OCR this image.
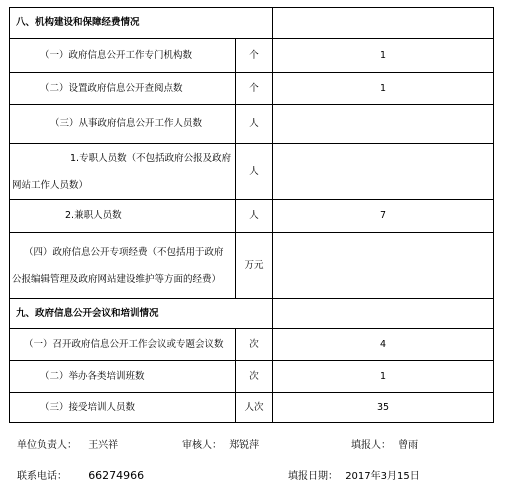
八、机构建设和保障经费情况		
（一）政府信息公开工作专门机构数	个	1
（二）设置政府信息公开查阅点数	个	1
（三）从事政府信息公开工作人员数	人	

1.专职人员数（不包括政府公报及政府
网站工作人员数）	人	
2.兼职人员数	人	7

（四）政府信息公开专项经费（不包括用于政府
公报编辑管理及政府网站建设维护等方面的经费）	万元	
九、政府信息公开会议和培训情况		
（一）召开政府信息公开工作会议或专题会议数	次	4
（二）举办各类培训班数	次	1
（三）接受培训人员数	人次	35
单位负责人： 王兴祥	审核人： 郑锐萍	填报人： 曾雨
联系电话： 66274966	填报日期： 2017年3月15日
